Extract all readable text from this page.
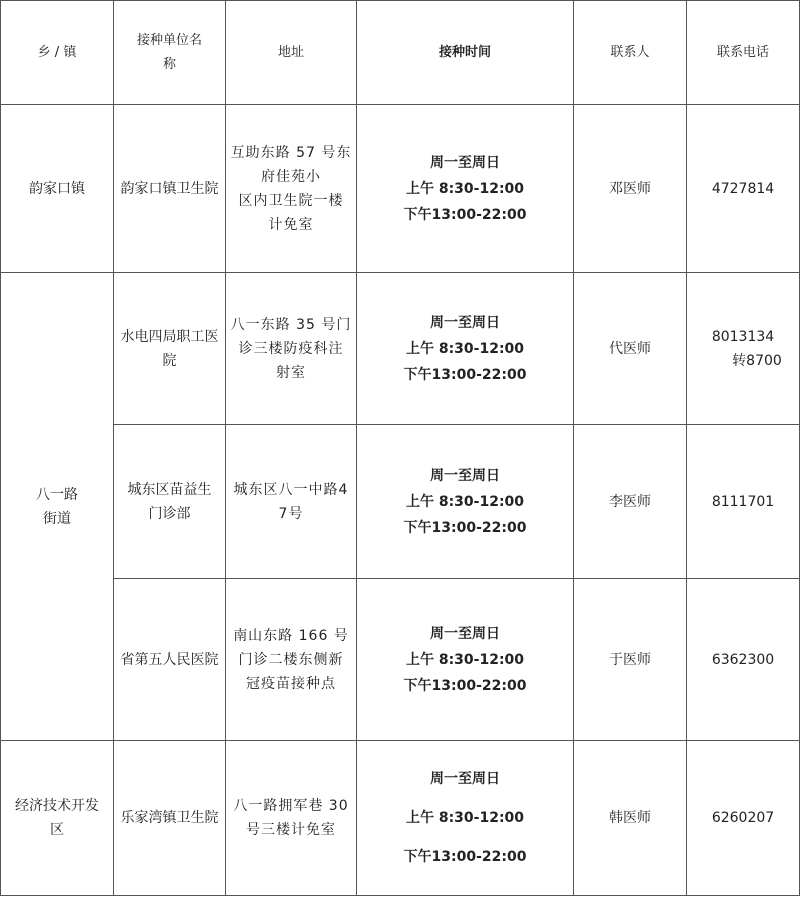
乡 / 镇	接种单位名
称	地址	接种时间	联系人	联系电话
韵家口镇	韵家口镇卫生院	互助东路 57 号东
府佳苑小
区内卫生院一楼
计免室	周一至周日
上午 8:30-12:00
下午13:00-22:00	邓医师	4727814

八一路
街道	水电四局职工医
院	八一东路 35 号门
诊三楼防疫科注
射室	周一至周日
上午 8:30-12:00
下午13:00-22:00	代医师	8013134
转8700

	城东区苗益生
门诊部	城东区八一中路4
7号	周一至周日
上午 8:30-12:00
下午13:00-22:00	李医师	8111701
	省第五人民医院	南山东路 166 号
门诊二楼东侧新
冠疫苗接种点	周一至周日
上午 8:30-12:00
下午13:00-22:00	于医师	6362300

经济技术开发
区	乐家湾镇卫生院	八一路拥军巷 30
号三楼计免室	周一至周日
上午 8:30-12:00
下午13:00-22:00	韩医师	6260207
